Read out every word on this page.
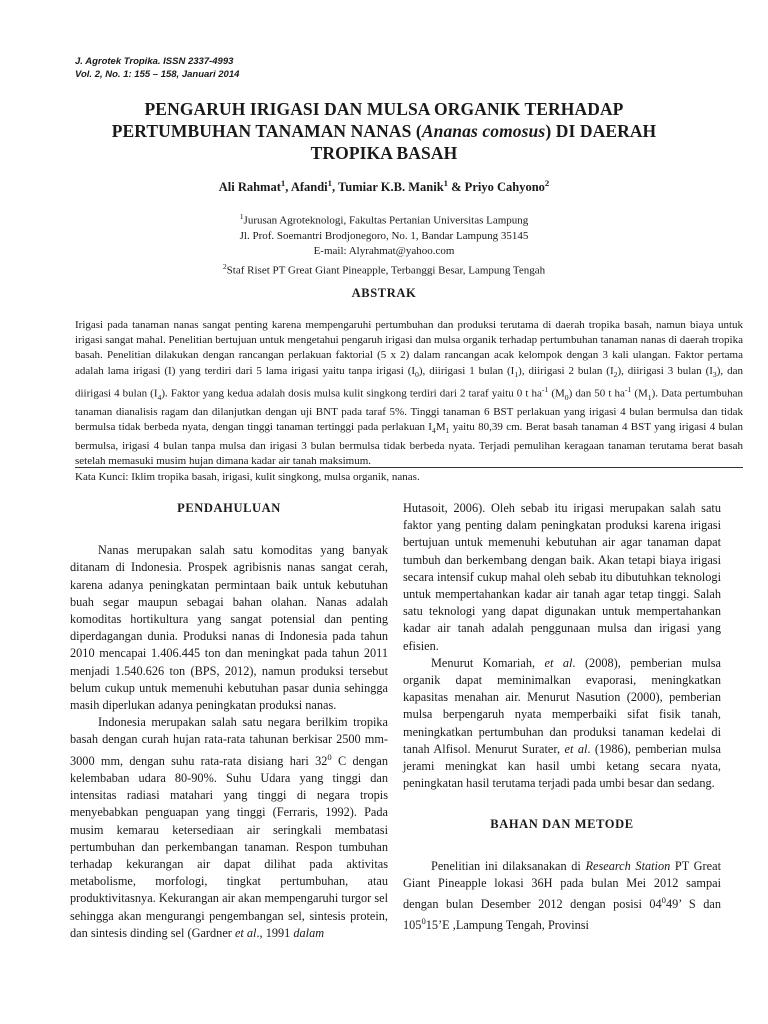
J. Agrotek Tropika. ISSN 2337-4993
Vol. 2, No. 1: 155 – 158, Januari 2014
PENGARUH IRIGASI DAN MULSA ORGANIK TERHADAP
PERTUMBUHAN TANAMAN NANAS (Ananas comosus) DI DAERAH
TROPIKA BASAH
Ali Rahmat$^1$, Afandi$^1$, Tumiar K.B. Manik$^1$ & Priyo Cahyono$^2$
$^1$Jurusan Agroteknologi, Fakultas Pertanian Universitas Lampung
Jl. Prof. Soemantri Brodjonegoro, No. 1, Bandar Lampung 35145
E-mail: Alyrahmat@yahoo.com
$^2$Staf Riset PT Great Giant Pineapple, Terbanggi Besar, Lampung Tengah
ABSTRAK

Irigasi pada tanaman nanas sangat penting karena mempengaruhi pertumbuhan dan produksi terutama di daerah tropika basah, namun biaya untuk irigasi sangat mahal. Penelitian bertujuan untuk mengetahui pengaruh irigasi dan mulsa organik terhadap pertumbuhan tanaman nanas di daerah tropika basah. Penelitian dilakukan dengan rancangan perlakuan faktorial (5 x 2) dalam rancangan acak kelompok dengan 3 kali ulangan. Faktor pertama adalah lama irigasi (I) yang terdiri dari 5 lama irigasi yaitu tanpa irigasi $(I_0)$, diirigasi 1 bulan $(I_1)$, diirigasi 2 bulan $(I_2)$, diirigasi 3 bulan $(I_3)$, dan diirigasi 4 bulan $(I_4)$. Faktor yang kedua adalah dosis mulsa kulit singkong terdiri dari 2 taraf yaitu 0 t $ha^{-1}$ $(M_0)$ dan 50 t $ha^{-1}$ $(M_1)$. Data pertumbuhan tanaman dianalisis ragam dan dilanjutkan dengan uji BNT pada taraf 5%. Tinggi tanaman 6 BST perlakuan yang irigasi 4 bulan bermulsa dan tidak bermulsa tidak berbeda nyata, dengan tinggi tanaman tertinggi pada perlakuan $I_4M_1$ yaitu 80,39 cm. Berat basah tanaman 4 BST yang irigasi 4 bulan bermulsa, irigasi 4 bulan tanpa mulsa dan irigasi 3 bulan bermulsa tidak berbeda nyata. Terjadi pemulihan keragaan tanaman terutama berat basah setelah memasuki musim hujan dimana kadar air tanah maksimum.

Kata Kunci: Iklim tropika basah, irigasi, kulit singkong, mulsa organik, nanas.
PENDAHULUAN

Nanas merupakan salah satu komoditas yang banyak ditanam di Indonesia. Prospek agribisnis nanas sangat cerah, karena adanya peningkatan permintaan baik untuk kebutuhan buah segar maupun sebagai bahan olahan. Nanas adalah komoditas hortikultura yang sangat potensial dan penting diperdagangan dunia. Produksi nanas di Indonesia pada tahun 2010 mencapai 1.406.445 ton dan meningkat pada tahun 2011 menjadi 1.540.626 ton (BPS, 2012), namun produksi tersebut belum cukup untuk memenuhi kebutuhan pasar dunia sehingga masih diperlukan adanya peningkatan produksi nanas.

Indonesia merupakan salah satu negara berilkim tropika basah dengan curah hujan rata-rata tahunan berkisar 2500 mm- 3000 mm, dengan suhu rata-rata disiang hari $32^0$ C dengan kelembaban udara 80-90%. Suhu Udara yang tinggi dan intensitas radiasi matahari yang tinggi di negara tropis menyebabkan penguapan yang tinggi (Ferraris, 1992). Pada musim kemarau ketersediaan air seringkali membatasi pertumbuhan dan perkembangan tanaman. Respon tumbuhan terhadap kekurangan air dapat dilihat pada aktivitas metabolisme, morfologi, tingkat pertumbuhan, atau produktivitasnya. Kekurangan air akan mempengaruhi turgor sel sehingga akan mengurangi pengembangan sel, sintesis protein, dan sintesis dinding sel (Gardner et al., 1991 dalam

Hutasoit, 2006). Oleh sebab itu irigasi merupakan salah satu faktor yang penting dalam peningkatan produksi karena irigasi bertujuan untuk memenuhi kebutuhan air agar tanaman dapat tumbuh dan berkembang dengan baik. Akan tetapi biaya irigasi secara intensif cukup mahal oleh sebab itu dibutuhkan teknologi untuk mempertahankan kadar air tanah agar tetap tinggi. Salah satu teknologi yang dapat digunakan untuk mempertahankan kadar air tanah adalah penggunaan mulsa dan irigasi yang efisien.

Menurut Komariah, et al. (2008), pemberian mulsa organik dapat meminimalkan evaporasi, meningkatkan kapasitas menahan air. Menurut Nasution (2000), pemberian mulsa berpengaruh nyata memperbaiki sifat fisik tanah, meningkatkan pertumbuhan dan produksi tanaman kedelai di tanah Alfisol. Menurut Surater, et al. (1986), pemberian mulsa jerami meningkat kan hasil umbi ketang secara nyata, peningkatan hasil terutama terjadi pada umbi besar dan sedang.

BAHAN DAN METODE

Penelitian ini dilaksanakan di Research Station PT Great Giant Pineapple lokasi 36H pada bulan Mei 2012 sampai dengan bulan Desember 2012 dengan posisi $04^049$’ S dan $105^015’E$ ,Lampung Tengah, Provinsi
